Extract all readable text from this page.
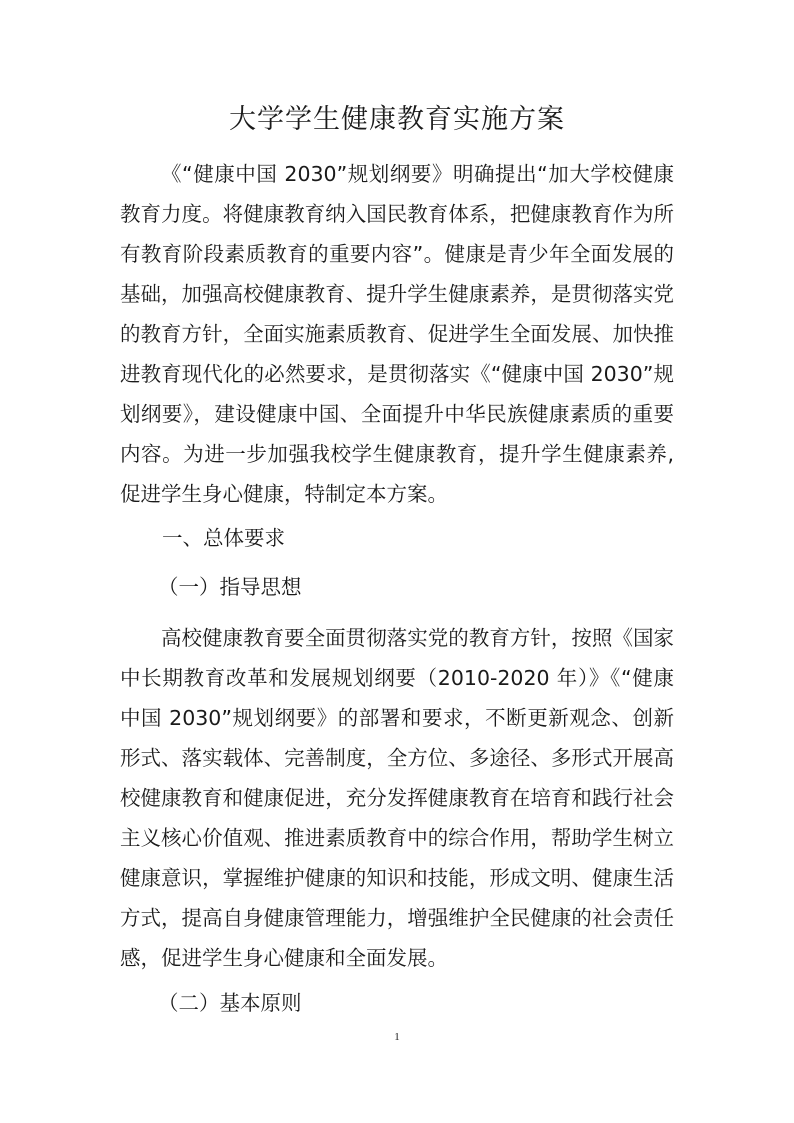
大学学生健康教育实施方案
《“健康中国 2030”规划纲要》明确提出“加大学校健康教育力度。将健康教育纳入国民教育体系，把健康教育作为所有教育阶段素质教育的重要内容”。健康是青少年全面发展的基础，加强高校健康教育、提升学生健康素养，是贯彻落实党的教育方针，全面实施素质教育、促进学生全面发展、加快推进教育现代化的必然要求，是贯彻落实《“健康中国 2030”规划纲要》，建设健康中国、全面提升中华民族健康素质的重要内容。为进一步加强我校学生健康教育，提升学生健康素养,促进学生身心健康，特制定本方案。
一、总体要求
（一）指导思想
高校健康教育要全面贯彻落实党的教育方针，按照《国家中长期教育改革和发展规划纲要（2010-2020 年）》《“健康中国 2030”规划纲要》的部署和要求，不断更新观念、创新形式、落实载体、完善制度，全方位、多途径、多形式开展高校健康教育和健康促进，充分发挥健康教育在培育和践行社会主义核心价值观、推进素质教育中的综合作用，帮助学生树立健康意识，掌握维护健康的知识和技能，形成文明、健康生活方式，提高自身健康管理能力，增强维护全民健康的社会责任感，促进学生身心健康和全面发展。
（二）基本原则
1
